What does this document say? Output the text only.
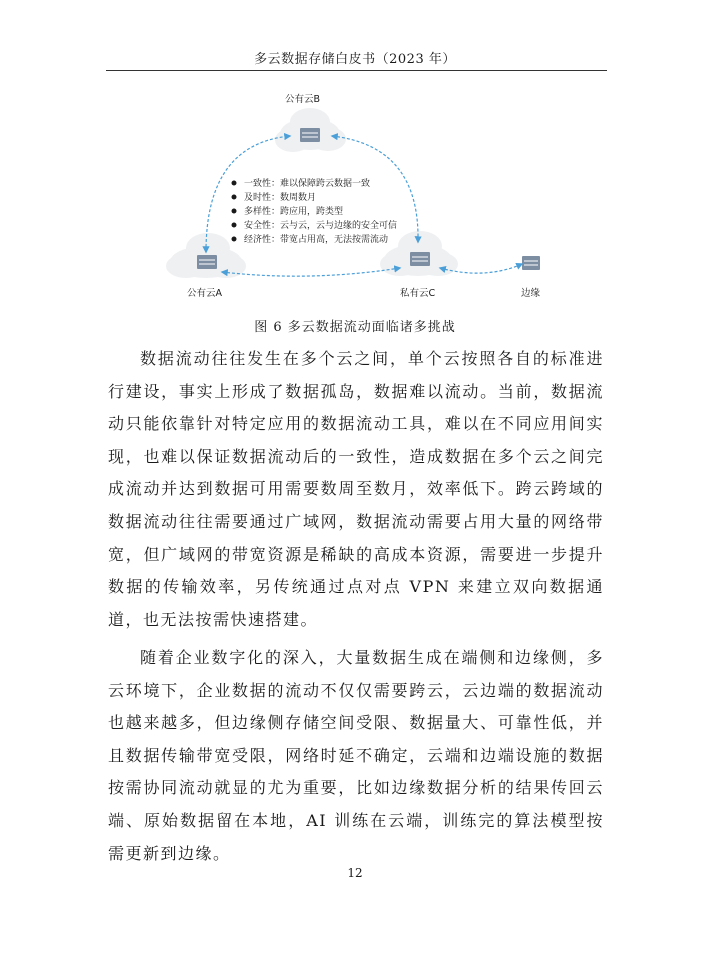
多云数据存储白皮书（2023 年）
公有云B
公有云A	私有云C	边缘
一致性：难以保障跨云数据一致
及时性：数周数月
多样性：跨应用，跨类型
安全性：云与云，云与边缘的安全可信
经济性：带宽占用高，无法按需流动
图 6 多云数据流动面临诸多挑战

数据流动往往发生在多个云之间，单个云按照各自的标准进行建设，事实上形成了数据孤岛，数据难以流动。当前，数据流动只能依靠针对特定应用的数据流动工具，难以在不同应用间实现，也难以保证数据流动后的一致性，造成数据在多个云之间完成流动并达到数据可用需要数周至数月，效率低下。跨云跨域的数据流动往往需要通过广域网，数据流动需要占用大量的网络带宽，但广域网的带宽资源是稀缺的高成本资源，需要进一步提升数据的传输效率，另传统通过点对点 VPN 来建立双向数据通道，也无法按需快速搭建。

随着企业数字化的深入，大量数据生成在端侧和边缘侧，多云环境下，企业数据的流动不仅仅需要跨云，云边端的数据流动也越来越多，但边缘侧存储空间受限、数据量大、可靠性低，并且数据传输带宽受限，网络时延不确定，云端和边端设施的数据按需协同流动就显的尤为重要，比如边缘数据分析的结果传回云端、原始数据留在本地，AI 训练在云端，训练完的算法模型按需更新到边缘。

12
